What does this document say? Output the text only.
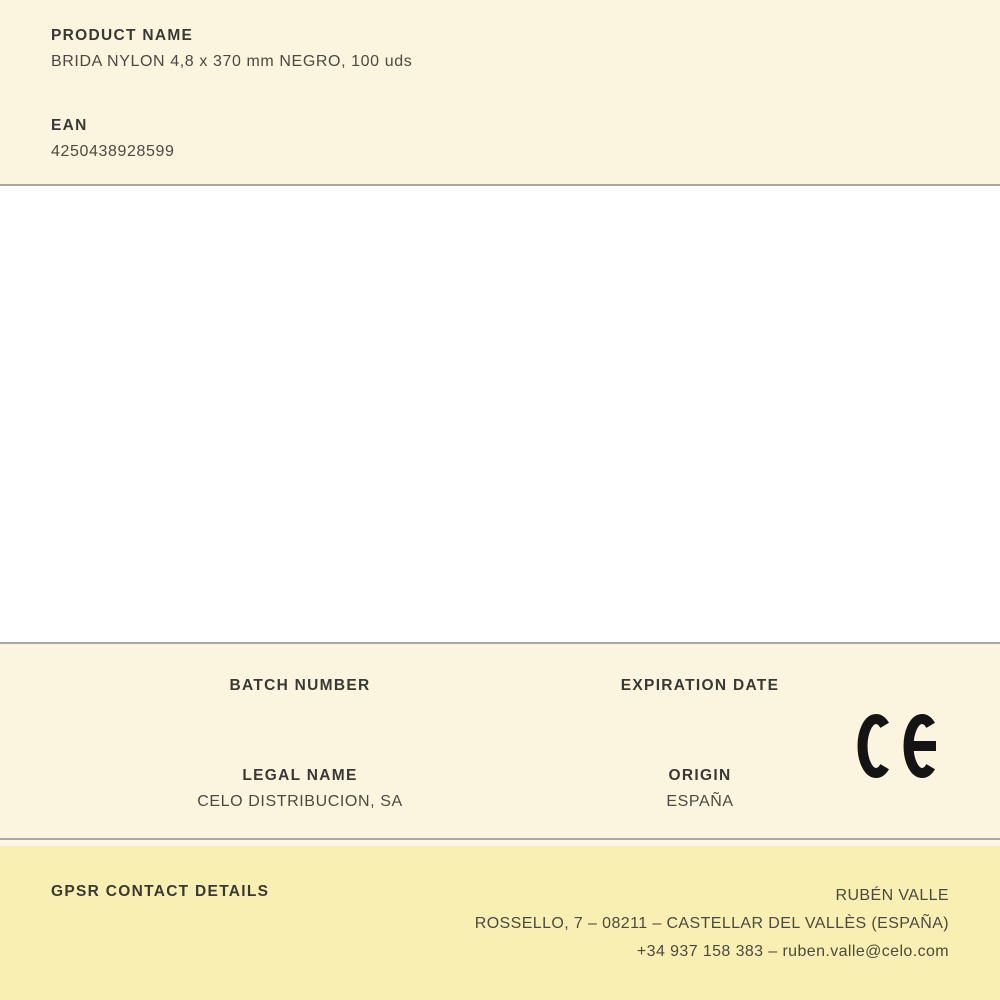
PRODUCT NAME
BRIDA NYLON 4,8 x 370 mm NEGRO, 100 uds
EAN
4250438928599
BATCH NUMBER
LEGAL NAME
CELO DISTRIBUCION, SA
EXPIRATION DATE
ORIGIN
ESPAÑA
GPSR CONTACT DETAILS	RUBÉN VALLE
ROSSELLO, 7 – 08211 – CASTELLAR DEL VALLÈS (ESPAÑA)
+34 937 158 383 – ruben.valle@celo.com
